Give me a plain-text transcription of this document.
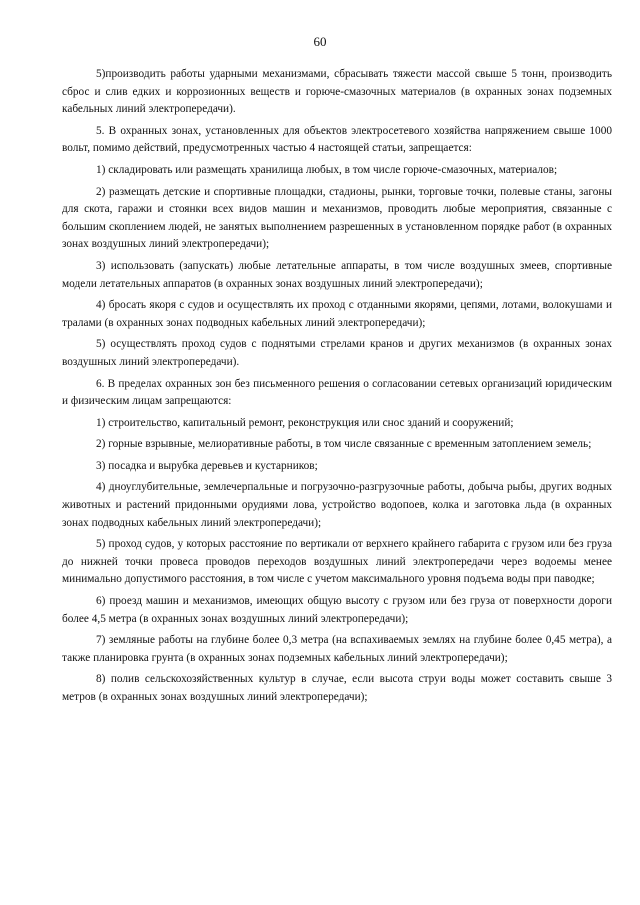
60

5)производить работы ударными механизмами, сбрасывать тяжести массой свыше 5 тонн, производить сброс и слив едких и коррозионных веществ и горюче-смазочных материалов (в охранных зонах подземных кабельных линий электропередачи).

5. В охранных зонах, установленных для объектов электросетевого хозяйства напряжением свыше 1000 вольт, помимо действий, предусмотренных частью 4 настоящей статьи, запрещается:

1) складировать или размещать хранилища любых, в том числе горюче-смазочных, материалов;

2) размещать детские и спортивные площадки, стадионы, рынки, торговые точки, полевые станы, загоны для скота, гаражи и стоянки всех видов машин и механизмов, проводить любые мероприятия, связанные с большим скоплением людей, не занятых выполнением разрешенных в установленном порядке работ (в охранных зонах воздушных линий электропередачи);

3) использовать (запускать) любые летательные аппараты, в том числе воздушных змеев, спортивные модели летательных аппаратов (в охранных зонах воздушных линий электропередачи);

4) бросать якоря с судов и осуществлять их проход с отданными якорями, цепями, лотами, волокушами и тралами (в охранных зонах подводных кабельных линий электропередачи);

5) осуществлять проход судов с поднятыми стрелами кранов и других механизмов (в охранных зонах воздушных линий электропередачи).

6. В пределах охранных зон без письменного решения о согласовании сетевых организаций юридическим и физическим лицам запрещаются:

1) строительство, капитальный ремонт, реконструкция или снос зданий и сооружений;

2) горные взрывные, мелиоративные работы, в том числе связанные с временным затоплением земель;

3) посадка и вырубка деревьев и кустарников;

4) дноуглубительные, землечерпальные и погрузочно-разгрузочные работы, добыча рыбы, других водных животных и растений придонными орудиями лова, устройство водопоев, колка и заготовка льда (в охранных зонах подводных кабельных линий электропередачи);

5) проход судов, у которых расстояние по вертикали от верхнего крайнего габарита с грузом или без груза до нижней точки провеса проводов переходов воздушных линий электропередачи через водоемы менее минимально допустимого расстояния, в том числе с учетом максимального уровня подъема воды при паводке;

6) проезд машин и механизмов, имеющих общую высоту с грузом или без груза от поверхности дороги более 4,5 метра (в охранных зонах воздушных линий электропередачи);

7) земляные работы на глубине более 0,3 метра (на вспахиваемых землях на глубине более 0,45 метра), а также планировка грунта (в охранных зонах подземных кабельных линий электропередачи);

8) полив сельскохозяйственных культур в случае, если высота струи воды может составить свыше 3 метров (в охранных зонах воздушных линий электропередачи);
